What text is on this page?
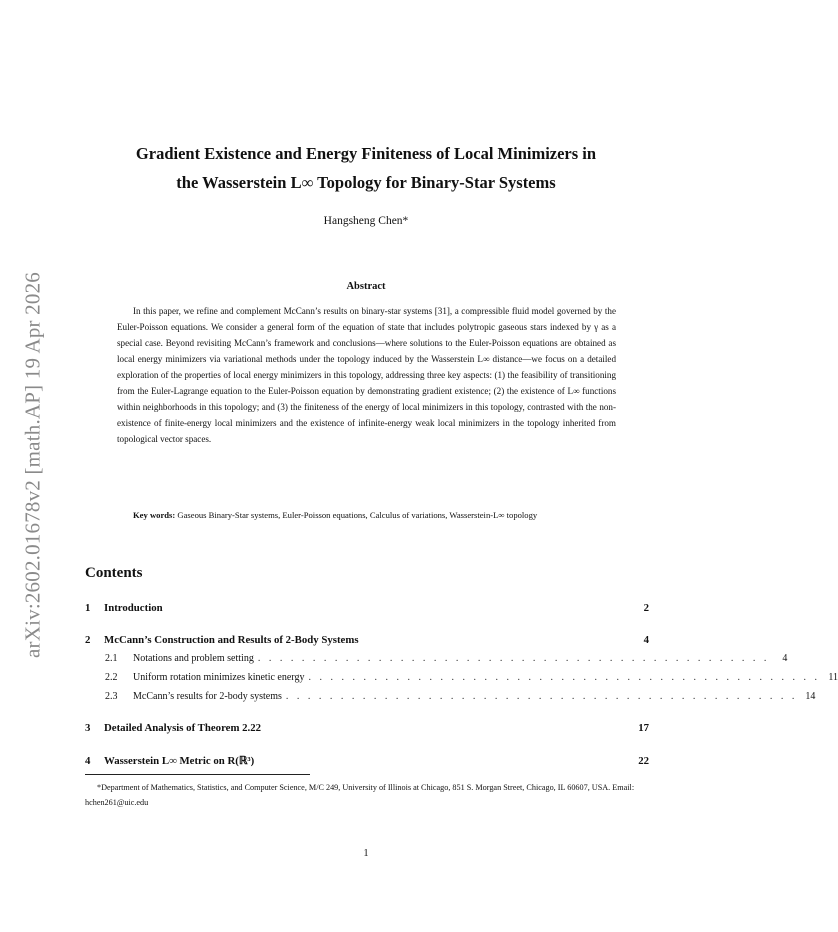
arXiv:2602.01678v2 [math.AP] 19 Apr 2026
Gradient Existence and Energy Finiteness of Local Minimizers in
the Wasserstein L∞ Topology for Binary-Star Systems
Hangsheng Chen*
Abstract

In this paper, we refine and complement McCann’s results on binary-star systems [31], a compressible fluid model governed by the Euler-Poisson equations. We consider a general form of the equation of state that includes polytropic gaseous stars indexed by γ as a special case. Beyond revisiting McCann’s framework and conclusions—where solutions to the Euler-Poisson equations are obtained as local energy minimizers via variational methods under the topology induced by the Wasserstein L∞ distance—we focus on a detailed exploration of the properties of local energy minimizers in this topology, addressing three key aspects: (1) the feasibility of transitioning from the Euler-Lagrange equation to the Euler-Poisson equation by demonstrating gradient existence; (2) the existence of L∞ functions within neighborhoods in this topology; and (3) the finiteness of the energy of local minimizers in this topology, contrasted with the non-existence of finite-energy local minimizers and the existence of infinite-energy weak local minimizers in the topology inherited from topological vector spaces.

Key words: Gaseous Binary-Star systems, Euler-Poisson equations, Calculus of variations, Wasserstein-L∞ topology

Contents
1	Introduction	2
2	McCann’s Construction and Results of 2-Body Systems	4
2.1	Notations and problem setting . . . . . . . . . . . . . . . . . . . . . . . . . . . . . . . . . . . . . . . . . . . . . . .	4
2.2	Uniform rotation minimizes kinetic energy . . . . . . . . . . . . . . . . . . . . . . . . . . . . . . . . . . . . . . . . . . . . . . . 11
2.3	McCann’s results for 2-body systems . . . . . . . . . . . . . . . . . . . . . . . . . . . . . . . . . . . . . . . . . . . . . . . 14
3	Detailed Analysis of Theorem 2.22	17
4	Wasserstein L∞ Metric on R(ℝ³)	22

*Department of Mathematics, Statistics, and Computer Science, M/C 249, University of Illinois at Chicago, 851 S. Morgan Street, Chicago, IL 60607, USA. Email: hchen261@uic.edu

1
